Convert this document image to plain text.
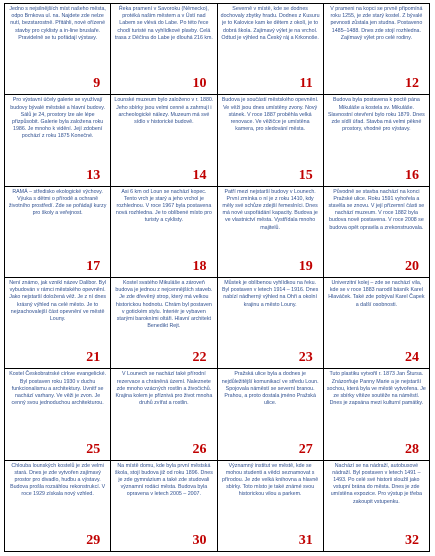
Jedno s nejsilnějších míst našeho města, odpo Brnkova ul. na. Najdete zde nelze nutí, bezstarostně. Přitáhli, nové ořízené stavby pro cyklisty a in-line bruslaře. Pravidelně se tu pořádají výstavy.
9
Řeka pramení v Savoroku (Německo), protéká našim městem a v Ústí nad Labem se vlévá do Labe. Po této řece chodí turisté na vyhlídkové plavby. Celá trasa z Děčína do Labe je dlouhá 216 km.
10
Severně v místě, kde se dodnes dochovaly zbytky hradu. Dodnes z Kusuru je to Kalovice kam ke dětem z okolí, je to dobrá škola. Zajímavý výlet je na vrchol. Odtud je výhled na Český ráj a Krkonoše.
11
V prameni na kopci se prvně připomíná roku 1255, je zde starý kostel. Z bývalé pevnosti zůstala jen studna. Postaveno 1485–1488. Dnes zde stojí rozhledna. Zajímavý výlet pro celé rodiny.
12
Pro výstavní účely galerie se využívají budovy bývalé městské a hlavní budovy. Sálů je 24, prostory lze ale lépe přizpůsobit. Galerie byla založena roku 1986. Je mnoho k vidění. Její zdobení pochází z roku 1875 Konečné.
13
Lounské muzeum bylo založeno v r. 1880. Jeho sbírky jsou velmi cenné a zahrnují i archeologické nálezy. Muzeum má své sídlo v historické budově.
14
Budova je součástí městského opevnění. Ve věži jsou dnes umístěny zvony. Nový stánek. V roce 1887 proběhla velká renovace. Ve věžičce je umístěna kamera, pro sledování města.
15
Budova byla postavena k poctě pána Mikuláše a kostela sv. Mikuláše. Slavnostní otevření bylo roku 1879. Dnes zde sídlí úřad. Stavba má velmi pěkné prostory, vhodné pro výstavy.
16
RAMÁ – středisko ekologické výchovy. Výuka s dětmi o přírodě a ochraně životního prostředí. Zde se pořádají kurzy pro školy a veřejnost.
17
Asi 6 km od Loun se nachází kopec. Tento vrch je starý a jeho vrchol je rozhlednou. V roce 1967 byla postavena nová rozhledna. Je to oblíbené místo pro turisty a cyklisty.
18
Patří mezi nejstarší budovy v Lounech. První zmínka o ní je z roku 1410, kdy měly své schůze zdejší řemeslníci. Dnes má nové uspořádání kapacity. Budova je ve vlastnictví města. Vystřídala mnoho majitelů.
19
Původně se stavba nachází na konci Pražské ulice. Roku 1591 vyhořela a stavěla se znovu. V její přízemní části se nachází muzeum. V roce 1882 byla budova nově postavena. V roce 2008 se budova opět opravila a zrekonstruovala.
20
Není známo, jak vznikl název Dalibor. Byl vybudován v rámci městského opevnění. Jako nejstarší doložená věž. Je z ní dnes krásný výhled na celé město. Je to nejzachovalejší část opevnění ve městě Louny.
21
Kostel svatého Mikuláše a zároveň budova je jednou z nejcennějších staveb. Je zde dřevěný strop, který má velkou historickou hodnotu. Chrám byl postaven v gotickém stylu. Interiér je vybaven starými barokními oltáři. Hlavní architekt Benedikt Rejt.
22
Můstek je oblíbenou vyhlídkou na řeku. Byl postaven v letech 1914 – 1916. Dnes nabízí nádherný výhled na Ohři a okolní krajinu a město Louny.
23
Univerzitní kolej – zde se nachází vila, kde se v roce 1883 narodil básník Karel Hlaváček. Také zde pobýval Karel Čapek a další osobnosti.
24
Kostel Českobratrské církve evangelické. Byl postaven roku 1930 v duchu funkcionalismu a architektury. Uvnitř se nachází varhany. Ve věži je zvon. Je cenný svou jednoduchou architekturou.
25
V Lounech se nachází také přírodní rezervace a chráněná území. Naleznete zde mnoho vzácných rostlin a živočichů. Krajina kolem je příznivá pro život mnoha druhů zvířat a rostlin.
26
Pražská ulice byla a dodnes je nejdůležitější komunikací ve středu Loun. Spojovala náměstí se severní branou. Prahou, a proto dostala jméno Pražská ulice.
27
Tuto plastiku vytvořil r. 1873 Jan Štursa. Znázorňuje Panny Marie a je nejstarší sochou, která byla ve městě vytvořena. Je ze sbírky vítěze soutěže na náměstí. Dnes je zapsána mezi kulturní památky.
28
Chlouba lounských kostelů je zde velmi stará. Dnes je zde vytvořen zajímavý prostor pro divadlo, hudbu a výstavy. Budova prošla rozsáhlou rekonstrukcí. V roce 1929 získala nový vzhled.
29
Na místě domu, kde byla první městská škola, stojí budova již od roku 1896. Dnes je zde gymnázium a také zde studovali významní rodáci města. Budova byla opravena v letech 2005 – 2007.
30
Významný institut ve městě, kde se mohou studenti a vědci seznamovat s přírodou. Je zde velká knihovna a hlavně sbírky. Toto místo je také známé svou historickou vilou a parkem.
31
Nachází se na nádraží, autobusové nádraží. Byl postaven v letech 1491 – 1493. Po celé své historii sloužil jako vstupní brána do města. Dnes je zde umístěna expozice. Pro výstup je třeba zakoupit vstupenku.
32
